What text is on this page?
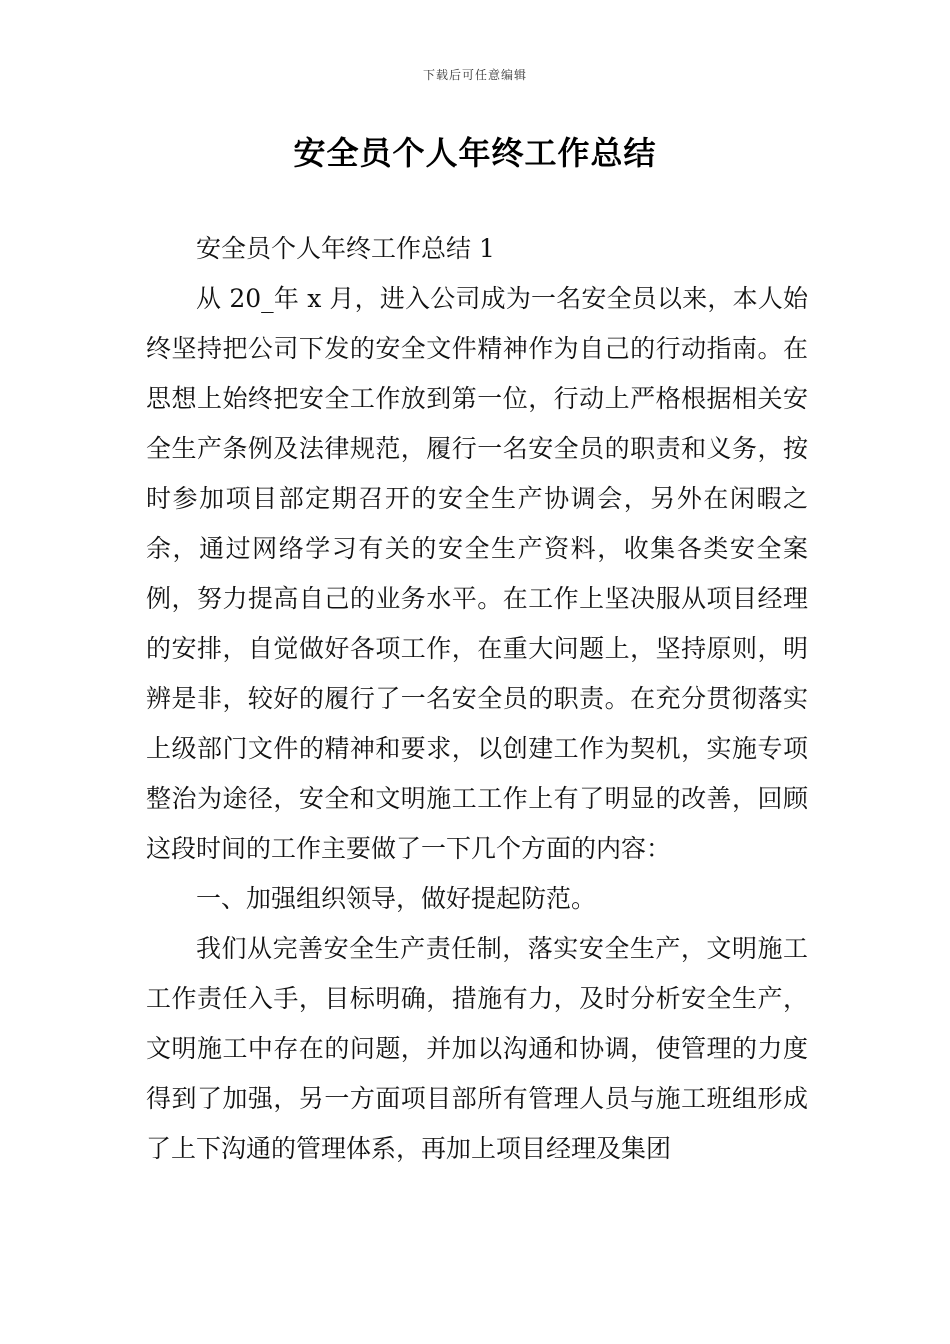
下载后可任意编辑
安全员个人年终工作总结

安全员个人年终工作总结 1

从 20_年 x 月，进入公司成为一名安全员以来，本人始终坚持把公司下发的安全文件精神作为自己的行动指南。在思想上始终把安全工作放到第一位，行动上严格根据相关安全生产条例及法律规范，履行一名安全员的职责和义务，按时参加项目部定期召开的安全生产协调会，另外在闲暇之余，通过网络学习有关的安全生产资料，收集各类安全案例，努力提高自己的业务水平。在工作上坚决服从项目经理的安排，自觉做好各项工作，在重大问题上，坚持原则，明辨是非，较好的履行了一名安全员的职责。在充分贯彻落实上级部门文件的精神和要求，以创建工作为契机，实施专项整治为途径，安全和文明施工工作上有了明显的改善，回顾这段时间的工作主要做了一下几个方面的内容：

一、加强组织领导，做好提起防范。

我们从完善安全生产责任制，落实安全生产，文明施工工作责任入手，目标明确，措施有力，及时分析安全生产，文明施工中存在的问题，并加以沟通和协调，使管理的力度得到了加强，另一方面项目部所有管理人员与施工班组形成了上下沟通的管理体系，再加上项目经理及集团
